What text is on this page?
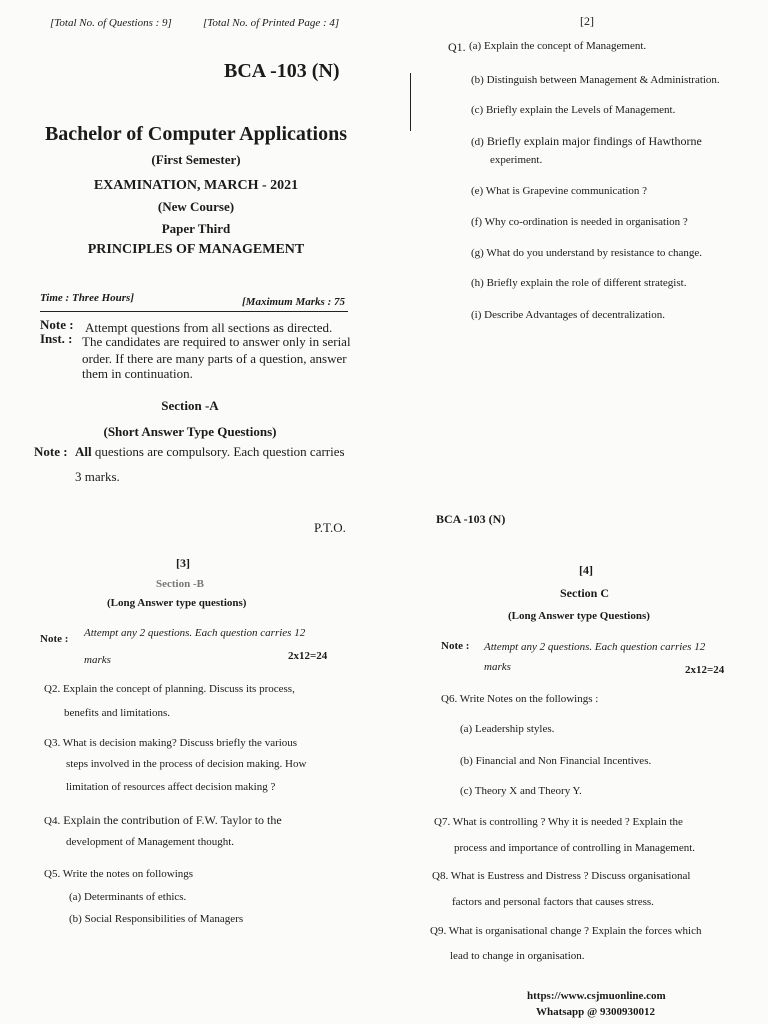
[Total No. of Questions : 9]	[Total No. of Printed Page : 4]
BCA -103 (N)
Bachelor of Computer Applications
(First Semester)
EXAMINATION, MARCH - 2021
(New Course)
Paper Third
PRINCIPLES OF MANAGEMENT
Time : Three Hours]	[Maximum Marks : 75
Note : Attempt questions from all sections as directed.
Inst. : The candidates are required to answer only in serial
order. If there are many parts of a question, answer
them in continuation.
Section -A
(Short Answer Type Questions)
Note : All questions are compulsory. Each question carries
3 marks.
P.T.O.
[2]
Q1. (a) Explain the concept of Management.
(b) Distinguish between Management & Administration.
(c) Briefly explain the Levels of Management.
(d) Briefly explain major findings of Hawthorne
experiment.
(e) What is Grapevine communication ?
(f) Why co-ordination is needed in organisation ?
(g) What do you understand by resistance to change.
(h) Briefly explain the role of different strategist.
(i) Describe Advantages of decentralization.
BCA -103 (N)
[3]
Section -B
(Long Answer type questions)
Note : Attempt any 2 questions. Each question carries 12
marks	2x12=24
Q2. Explain the concept of planning. Discuss its process,
benefits and limitations.
Q3. What is decision making? Discuss briefly the various
steps involved in the process of decision making. How
limitation of resources affect decision making ?
Q4. Explain the contribution of F.W. Taylor to the
development of Management thought.
Q5. Write the notes on followings
(a) Determinants of ethics.
(b) Social Responsibilities of Managers
[4]
Section C
(Long Answer type Questions)
Note : Attempt any 2 questions. Each question carries 12
marks	2x12=24
Q6. Write Notes on the followings :
(a) Leadership styles.
(b) Financial and Non Financial Incentives.
(c) Theory X and Theory Y.
Q7. What is controlling ? Why it is needed ? Explain the
process and importance of controlling in Management.
Q8. What is Eustress and Distress ? Discuss organisational
factors and personal factors that causes stress.
Q9. What is organisational change ? Explain the forces which
lead to change in organisation.
https://www.csjmuonline.com
Whatsapp @ 9300930012
